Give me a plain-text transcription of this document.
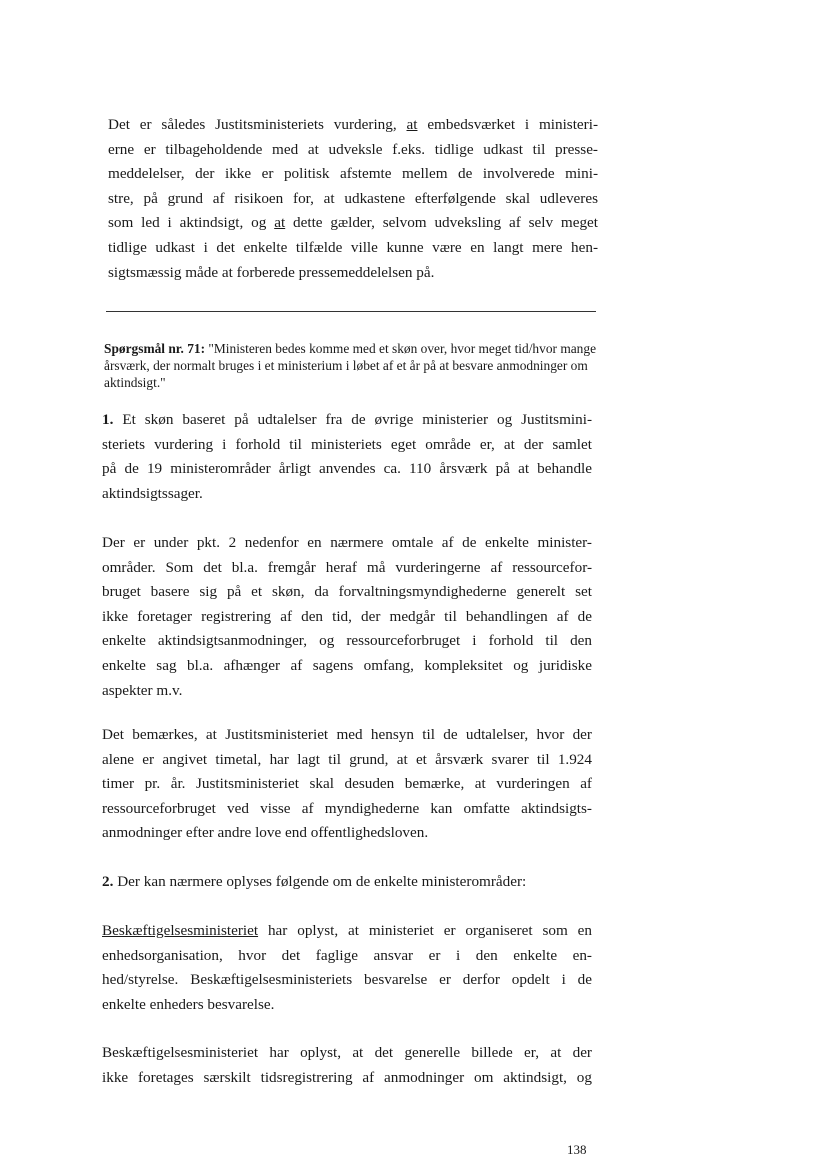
Det er således Justitsministeriets vurdering, at embedsværket i ministeri-
erne er tilbageholdende med at udveksle f.eks. tidlige udkast til presse-
meddelelser, der ikke er politisk afstemte mellem de involverede mini-
stre, på grund af risikoen for, at udkastene efterfølgende skal udleveres
som led i aktindsigt, og at dette gælder, selvom udveksling af selv meget
tidlige udkast i det enkelte tilfælde ville kunne være en langt mere hen-
sigtsmæssig måde at forberede pressemeddelelsen på.
Spørgsmål nr. 71: "Ministeren bedes komme med et skøn over, hvor meget tid/hvor mange årsværk, der normalt bruges i et ministerium i løbet af et år på at besvare anmodninger om aktindsigt."
1. Et skøn baseret på udtalelser fra de øvrige ministerier og Justitsmini-
steriets vurdering i forhold til ministeriets eget område er, at der samlet
på de 19 ministerområder årligt anvendes ca. 110 årsværk på at behandle
aktindsigtssager.
Der er under pkt. 2 nedenfor en nærmere omtale af de enkelte minister-
områder. Som det bl.a. fremgår heraf må vurderingerne af ressourcefor-
bruget basere sig på et skøn, da forvaltningsmyndighederne generelt set
ikke foretager registrering af den tid, der medgår til behandlingen af de
enkelte aktindsigtsanmodninger, og ressourceforbruget i forhold til den
enkelte sag bl.a. afhænger af sagens omfang, kompleksitet og juridiske
aspekter m.v.
Det bemærkes, at Justitsministeriet med hensyn til de udtalelser, hvor der
alene er angivet timetal, har lagt til grund, at et årsværk svarer til 1.924
timer pr. år. Justitsministeriet skal desuden bemærke, at vurderingen af
ressourceforbruget ved visse af myndighederne kan omfatte aktindsigts-
anmodninger efter andre love end offentlighedsloven.
2. Der kan nærmere oplyses følgende om de enkelte ministerområder:
Beskæftigelsesministeriet har oplyst, at ministeriet er organiseret som en
enhedsorganisation, hvor det faglige ansvar er i den enkelte en-
hed/styrelse. Beskæftigelsesministeriets besvarelse er derfor opdelt i de
enkelte enheders besvarelse.
Beskæftigelsesministeriet har oplyst, at det generelle billede er, at der
ikke foretages særskilt tidsregistrering af anmodninger om aktindsigt, og
138
